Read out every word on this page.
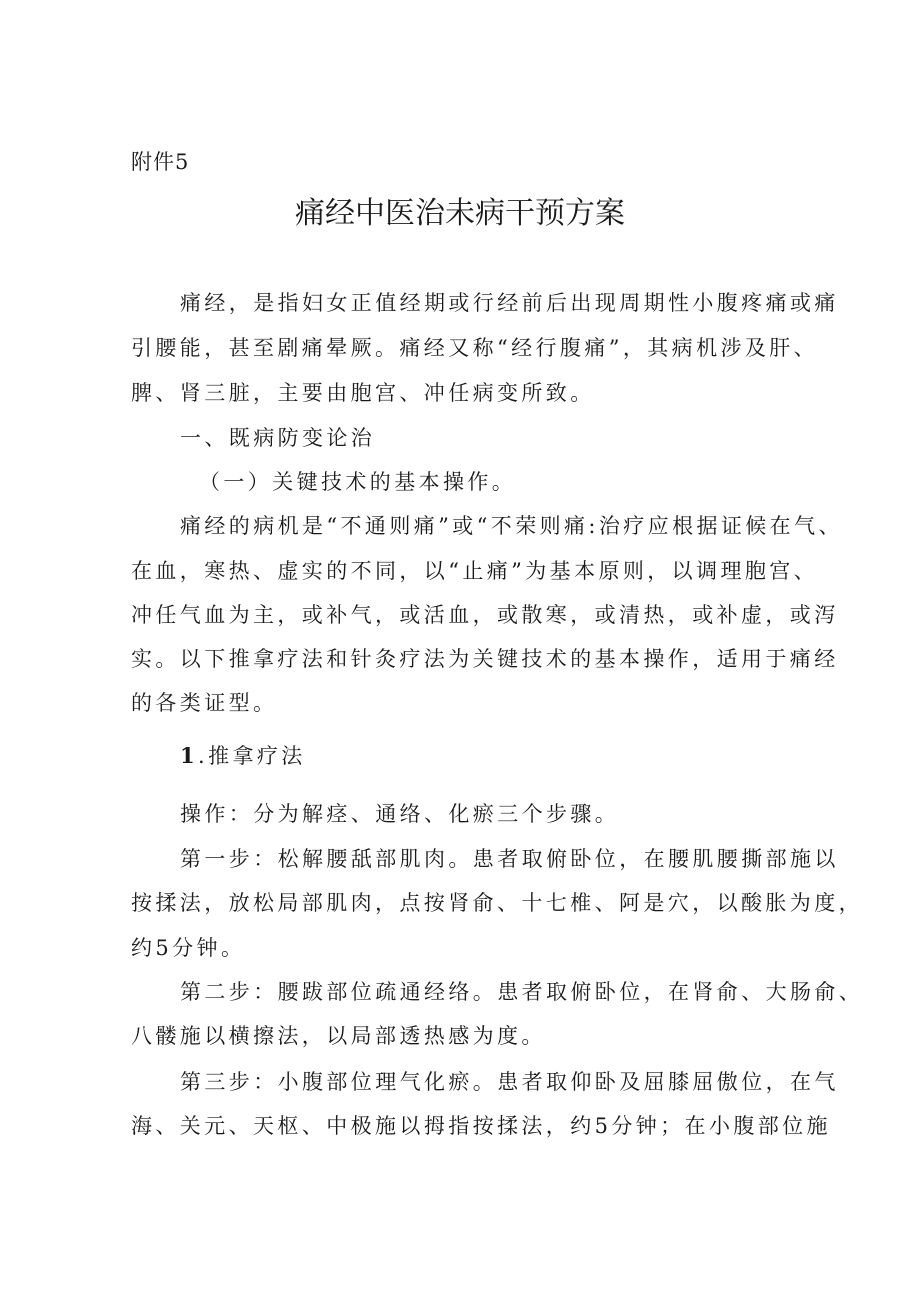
附件5
痛经中医治未病干预方案
痛经，是指妇女正值经期或行经前后出现周期性小腹疼痛或痛
引腰能，甚至剧痛晕厥。痛经又称“经行腹痛”，其病机涉及肝、
脾、肾三脏，主要由胞宫、冲任病变所致。
一、既病防变论治
（一）关键技术的基本操作。
痛经的病机是“不通则痛”或“不荣则痛:治疗应根据证候在气、
在血，寒热、虚实的不同，以“止痛”为基本原则，以调理胞宫、
冲任气血为主，或补气，或活血，或散寒，或清热，或补虚，或泻
实。以下推拿疗法和针灸疗法为关键技术的基本操作，适用于痛经
的各类证型。
1.推拿疗法
操作：分为解痉、通络、化瘀三个步骤。
第一步：松解腰舐部肌肉。患者取俯卧位，在腰肌腰撕部施以
按揉法，放松局部肌肉，点按肾俞、十七椎、阿是穴，以酸胀为度，
约5分钟。
第二步：腰跋部位疏通经络。患者取俯卧位，在肾俞、大肠俞、
八髅施以横擦法，以局部透热感为度。
第三步：小腹部位理气化瘀。患者取仰卧及屈膝屈傲位，在气
海、关元、天枢、中极施以拇指按揉法，约5分钟；在小腹部位施
